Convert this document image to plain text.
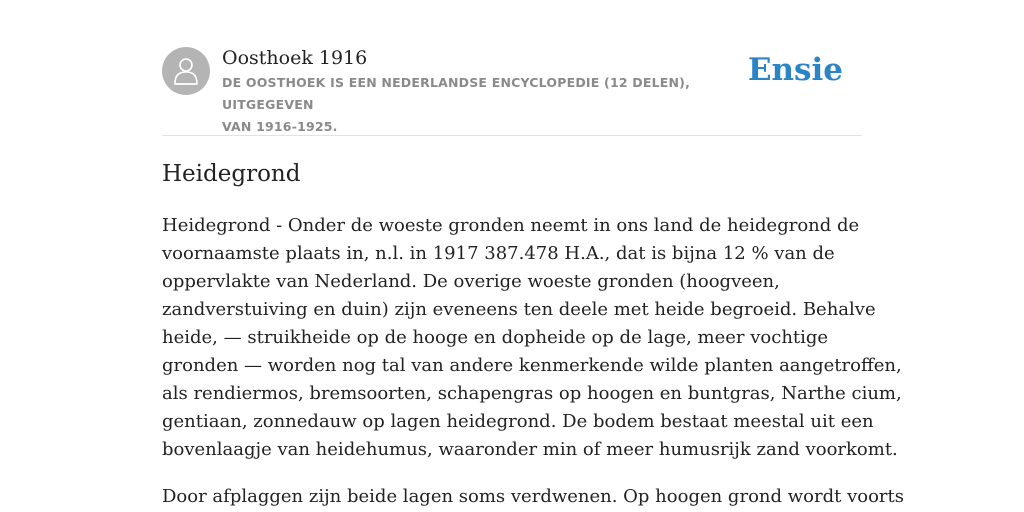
Oosthoek 1916

DE OOSTHOEK IS EEN NEDERLANDSE ENCYCLOPEDIE (12 DELEN), UITGEGEVEN
VAN 1916-1925.

Ensie
Heidegrond

Heidegrond - Onder de woeste gronden neemt in ons land de heidegrond de
voornaamste plaats in, n.l. in 1917 387.478 H.A., dat is bijna 12 % van de
oppervlakte van Nederland. De overige woeste gronden (hoogveen,
zandverstuiving en duin) zijn eveneens ten deele met heide begroeid. Behalve
heide, — struikheide op de hooge en dopheide op de lage, meer vochtige
gronden — worden nog tal van andere kenmerkende wilde planten aangetroffen,
als rendiermos, bremsoorten, schapengras op hoogen en buntgras, Narthe cium,
gentiaan, zonnedauw op lagen heidegrond. De bodem bestaat meestal uit een
bovenlaagje van heidehumus, waaronder min of meer humusrijk zand voorkomt.

Door afplaggen zijn beide lagen soms verdwenen. Op hoogen grond wordt voorts
